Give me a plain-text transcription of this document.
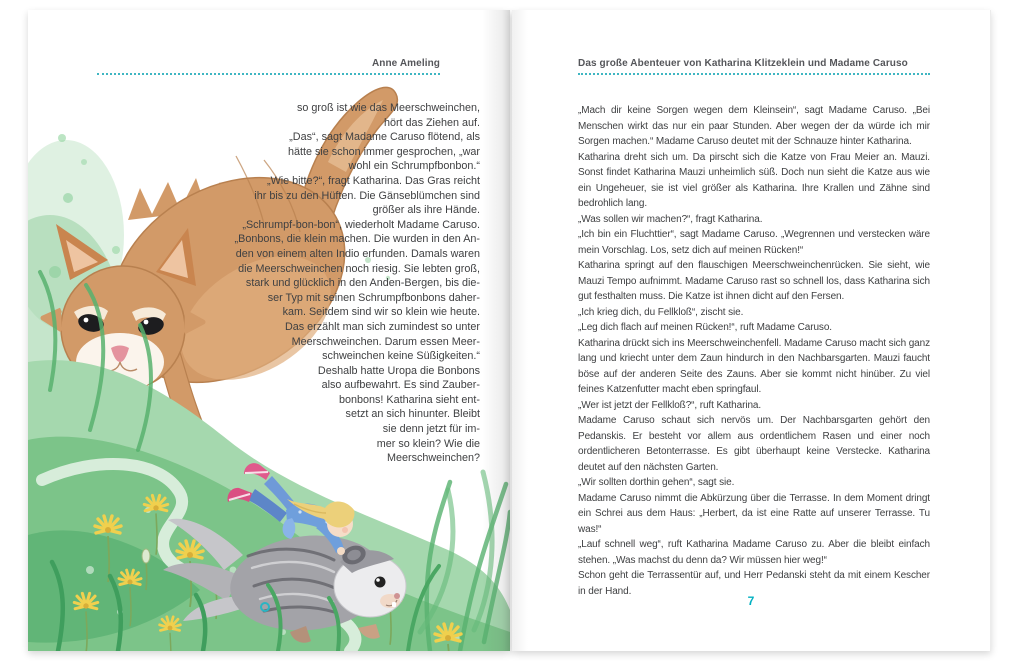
Anne Ameling
so groß ist wie das Meerschweinchen,
hört das Ziehen auf.
„Das“, sagt Madame Caruso flötend, als
hätte sie schon immer gesprochen, „war
wohl ein Schrumpfbonbon.“
„Wie bitte?“, fragt Katharina. Das Gras reicht
ihr bis zu den Hüften. Die Gänseblümchen sind
größer als ihre Hände.
„Schrumpf-bon-bon“, wiederholt Madame Caruso.
„Bonbons, die klein machen. Die wurden in den An-
den von einem alten Indio erfunden. Damals waren
die Meerschweinchen noch riesig. Sie lebten groß,
stark und glücklich in den Anden-Bergen, bis die-
ser Typ mit seinen Schrumpfbonbons daher-
kam. Seitdem sind wir so klein wie heute.
Das erzählt man sich zumindest so unter
Meerschweinchen. Darum essen Meer-
schweinchen keine Süßigkeiten.“
Deshalb hatte Uropa die Bonbons
also aufbewahrt. Es sind Zauber-
bonbons! Katharina sieht ent-
setzt an sich hinunter. Bleibt
sie denn jetzt für im-
mer so klein? Wie die
Meerschweinchen?
Das große Abenteuer von Katharina Klitzeklein und Madame Caruso

„Mach dir keine Sorgen wegen dem Kleinsein“, sagt Madame Caruso. „Bei Menschen wirkt das nur ein paar Stunden. Aber wegen der da würde ich mir Sorgen machen.“ Madame Caruso deutet mit der Schnauze hinter Katharina.

Katharina dreht sich um. Da pirscht sich die Katze von Frau Meier an. Mauzi. Sonst findet Katharina Mauzi unheimlich süß. Doch nun sieht die Katze aus wie ein Ungeheuer, sie ist viel größer als Katharina. Ihre Krallen und Zähne sind bedrohlich lang.

„Was sollen wir machen?“, fragt Katharina.

„Ich bin ein Fluchttier“, sagt Madame Caruso. „Wegrennen und verstecken wäre mein Vorschlag. Los, setz dich auf meinen Rücken!“

Katharina springt auf den flauschigen Meerschweinchenrücken. Sie sieht, wie Mauzi Tempo aufnimmt. Madame Caruso rast so schnell los, dass Katharina sich gut festhalten muss. Die Katze ist ihnen dicht auf den Fersen.

„Ich krieg dich, du Fellkloß“, zischt sie.

„Leg dich flach auf meinen Rücken!“, ruft Madame Caruso.

Katharina drückt sich ins Meerschweinchenfell. Madame Caruso macht sich ganz lang und kriecht unter dem Zaun hindurch in den Nachbarsgarten. Mauzi faucht böse auf der anderen Seite des Zauns. Aber sie kommt nicht hinüber. Zu viel feines Katzenfutter macht eben springfaul.

„Wer ist jetzt der Fellkloß?“, ruft Katharina.

Madame Caruso schaut sich nervös um. Der Nachbarsgarten gehört den Pedanskis. Er besteht vor allem aus ordentlichem Rasen und einer noch ordentlicheren Betonterrasse. Es gibt überhaupt keine Verstecke. Katharina deutet auf den nächsten Garten.

„Wir sollten dorthin gehen“, sagt sie.

Madame Caruso nimmt die Abkürzung über die Terrasse. In dem Moment dringt ein Schrei aus dem Haus: „Herbert, da ist eine Ratte auf unserer Terrasse. Tu was!“

„Lauf schnell weg“, ruft Katharina Madame Caruso zu. Aber die bleibt einfach stehen. „Was machst du denn da? Wir müssen hier weg!“

Schon geht die Terrassentür auf, und Herr Pedanski steht da mit einem Kescher in der Hand.

7
